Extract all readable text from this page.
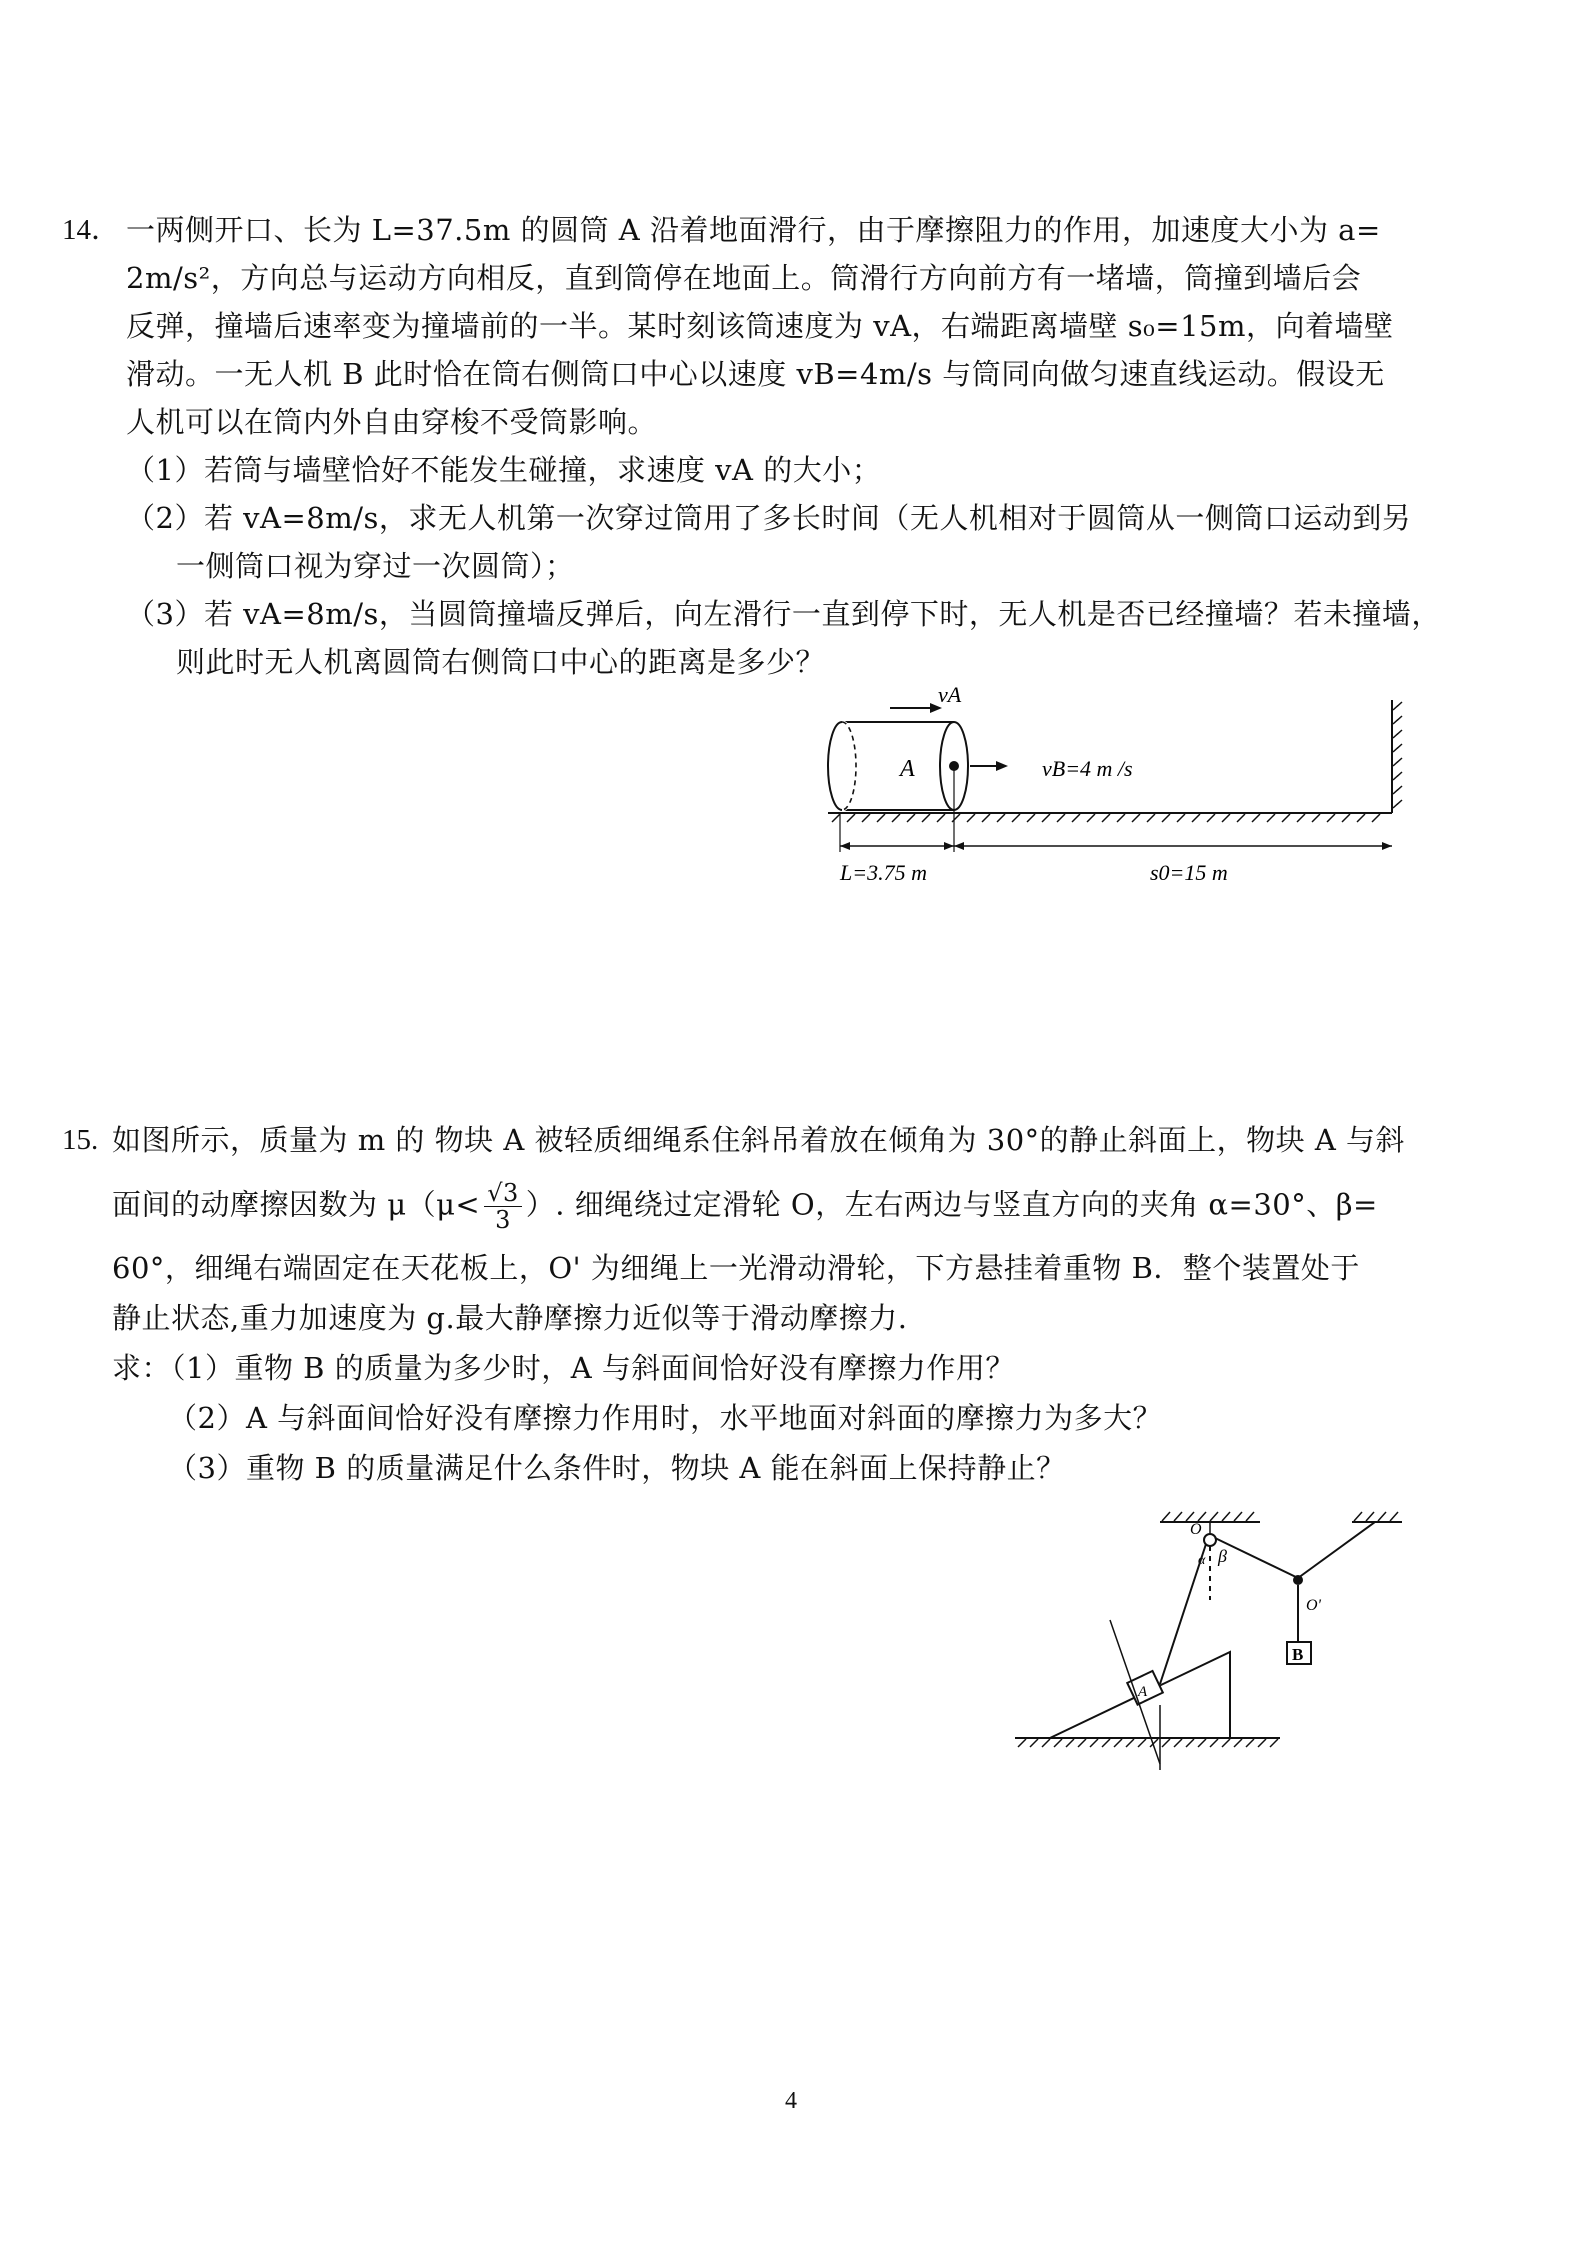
14． 一两侧开口、长为 L=37.5m 的圆筒 A 沿着地面滑行，由于摩擦阻力的作用，加速度大小为 a=
2m/s²，方向总与运动方向相反，直到筒停在地面上。筒滑行方向前方有一堵墙，筒撞到墙后会
反弹，撞墙后速率变为撞墙前的一半。某时刻该筒速度为 vA，右端距离墙壁 s₀=15m，向着墙壁
滑动。一无人机 B 此时恰在筒右侧筒口中心以速度 vB=4m/s 与筒同向做匀速直线运动。假设无
人机可以在筒内外自由穿梭不受筒影响。
（1）若筒与墙壁恰好不能发生碰撞，求速度 vA 的大小；
（2）若 vA=8m/s，求无人机第一次穿过筒用了多长时间（无人机相对于圆筒从一侧筒口运动到另
一侧筒口视为穿过一次圆筒）；
（3）若 vA=8m/s，当圆筒撞墙反弹后，向左滑行一直到停下时，无人机是否已经撞墙？若未撞墙，
则此时无人机离圆筒右侧筒口中心的距离是多少？
vA
A	vB=4 m /s
L=3.75 m	s0=15 m
15. 如图所示，质量为 m 的 物块 A 被轻质细绳系住斜吊着放在倾角为 30°的静止斜面上，物块 A 与斜
面间的动摩擦因数为 $\mu(\mu< \frac{√3}{3}$ ）. 细绳绕过定滑轮 O，左右两边与竖直方向的夹角 α=30°、β=
60°，细绳右端固定在天花板上，O' 为细绳上一光滑动滑轮，下方悬挂着重物 B．整个装置处于
静止状态,重力加速度为 g.最大静摩擦力近似等于滑动摩擦力.
求：（1）重物 B 的质量为多少时，A 与斜面间恰好没有摩擦力作用？
（2）A 与斜面间恰好没有摩擦力作用时，水平地面对斜面的摩擦力为多大？
（3）重物 B 的质量满足什么条件时，物块 A 能在斜面上保持静止？
O
α β
O'
B
A
4
